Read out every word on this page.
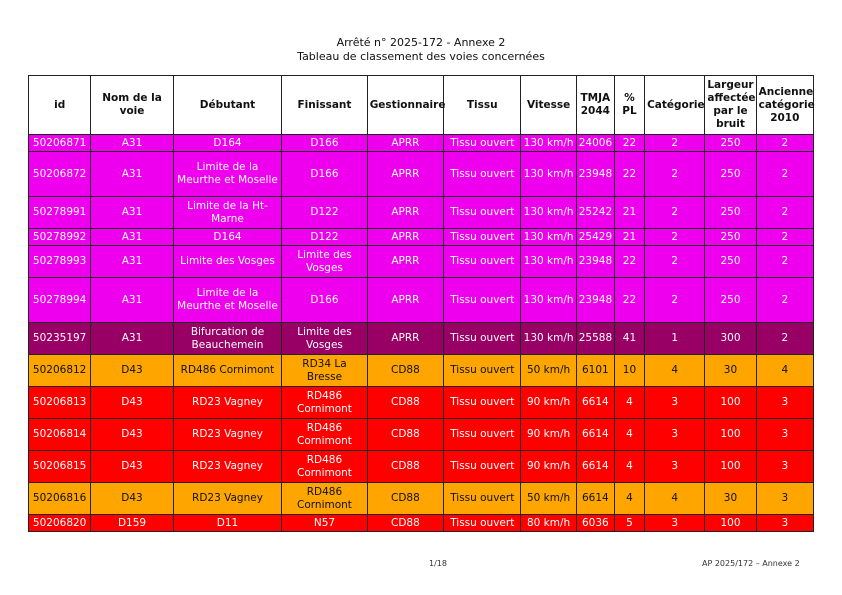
Arrêté n° 2025-172 - Annexe 2
Tableau de classement des voies concernées
id	Nom de la voie	Débutant	Finissant	Gestionnaire	Tissu	Vitesse	TMJA 2044	% PL	Catégorie	Largeur affectée par le bruit	Ancienne catégorie 2010
50206871	A31	D164	D166	APRR	Tissu ouvert	130 km/h	24006	22	2	250	2
50206872	A31	Limite de la Meurthe et Moselle	D166	APRR	Tissu ouvert	130 km/h	23948	22	2	250	2
50278991	A31	Limite de la Ht-Marne	D122	APRR	Tissu ouvert	130 km/h	25242	21	2	250	2
50278992	A31	D164	D122	APRR	Tissu ouvert	130 km/h	25429	21	2	250	2
50278993	A31	Limite des Vosges	Limite des Vosges	APRR	Tissu ouvert	130 km/h	23948	22	2	250	2
50278994	A31	Limite de la Meurthe et Moselle	D166	APRR	Tissu ouvert	130 km/h	23948	22	2	250	2
50235197	A31	Bifurcation de Beauchemein	Limite des Vosges	APRR	Tissu ouvert	130 km/h	25588	41	1	300	2
50206812	D43	RD486 Cornimont	RD34 La Bresse	CD88	Tissu ouvert	50 km/h	6101	10	4	30	4
50206813	D43	RD23 Vagney	RD486 Cornimont	CD88	Tissu ouvert	90 km/h	6614	4	3	100	3
50206814	D43	RD23 Vagney	RD486 Cornimont	CD88	Tissu ouvert	90 km/h	6614	4	3	100	3
50206815	D43	RD23 Vagney	RD486 Cornimont	CD88	Tissu ouvert	90 km/h	6614	4	3	100	3
50206816	D43	RD23 Vagney	RD486 Cornimont	CD88	Tissu ouvert	50 km/h	6614	4	4	30	3
50206820	D159	D11	N57	CD88	Tissu ouvert	80 km/h	6036	5	3	100	3
1/18	AP 2025/172 – Annexe 2
